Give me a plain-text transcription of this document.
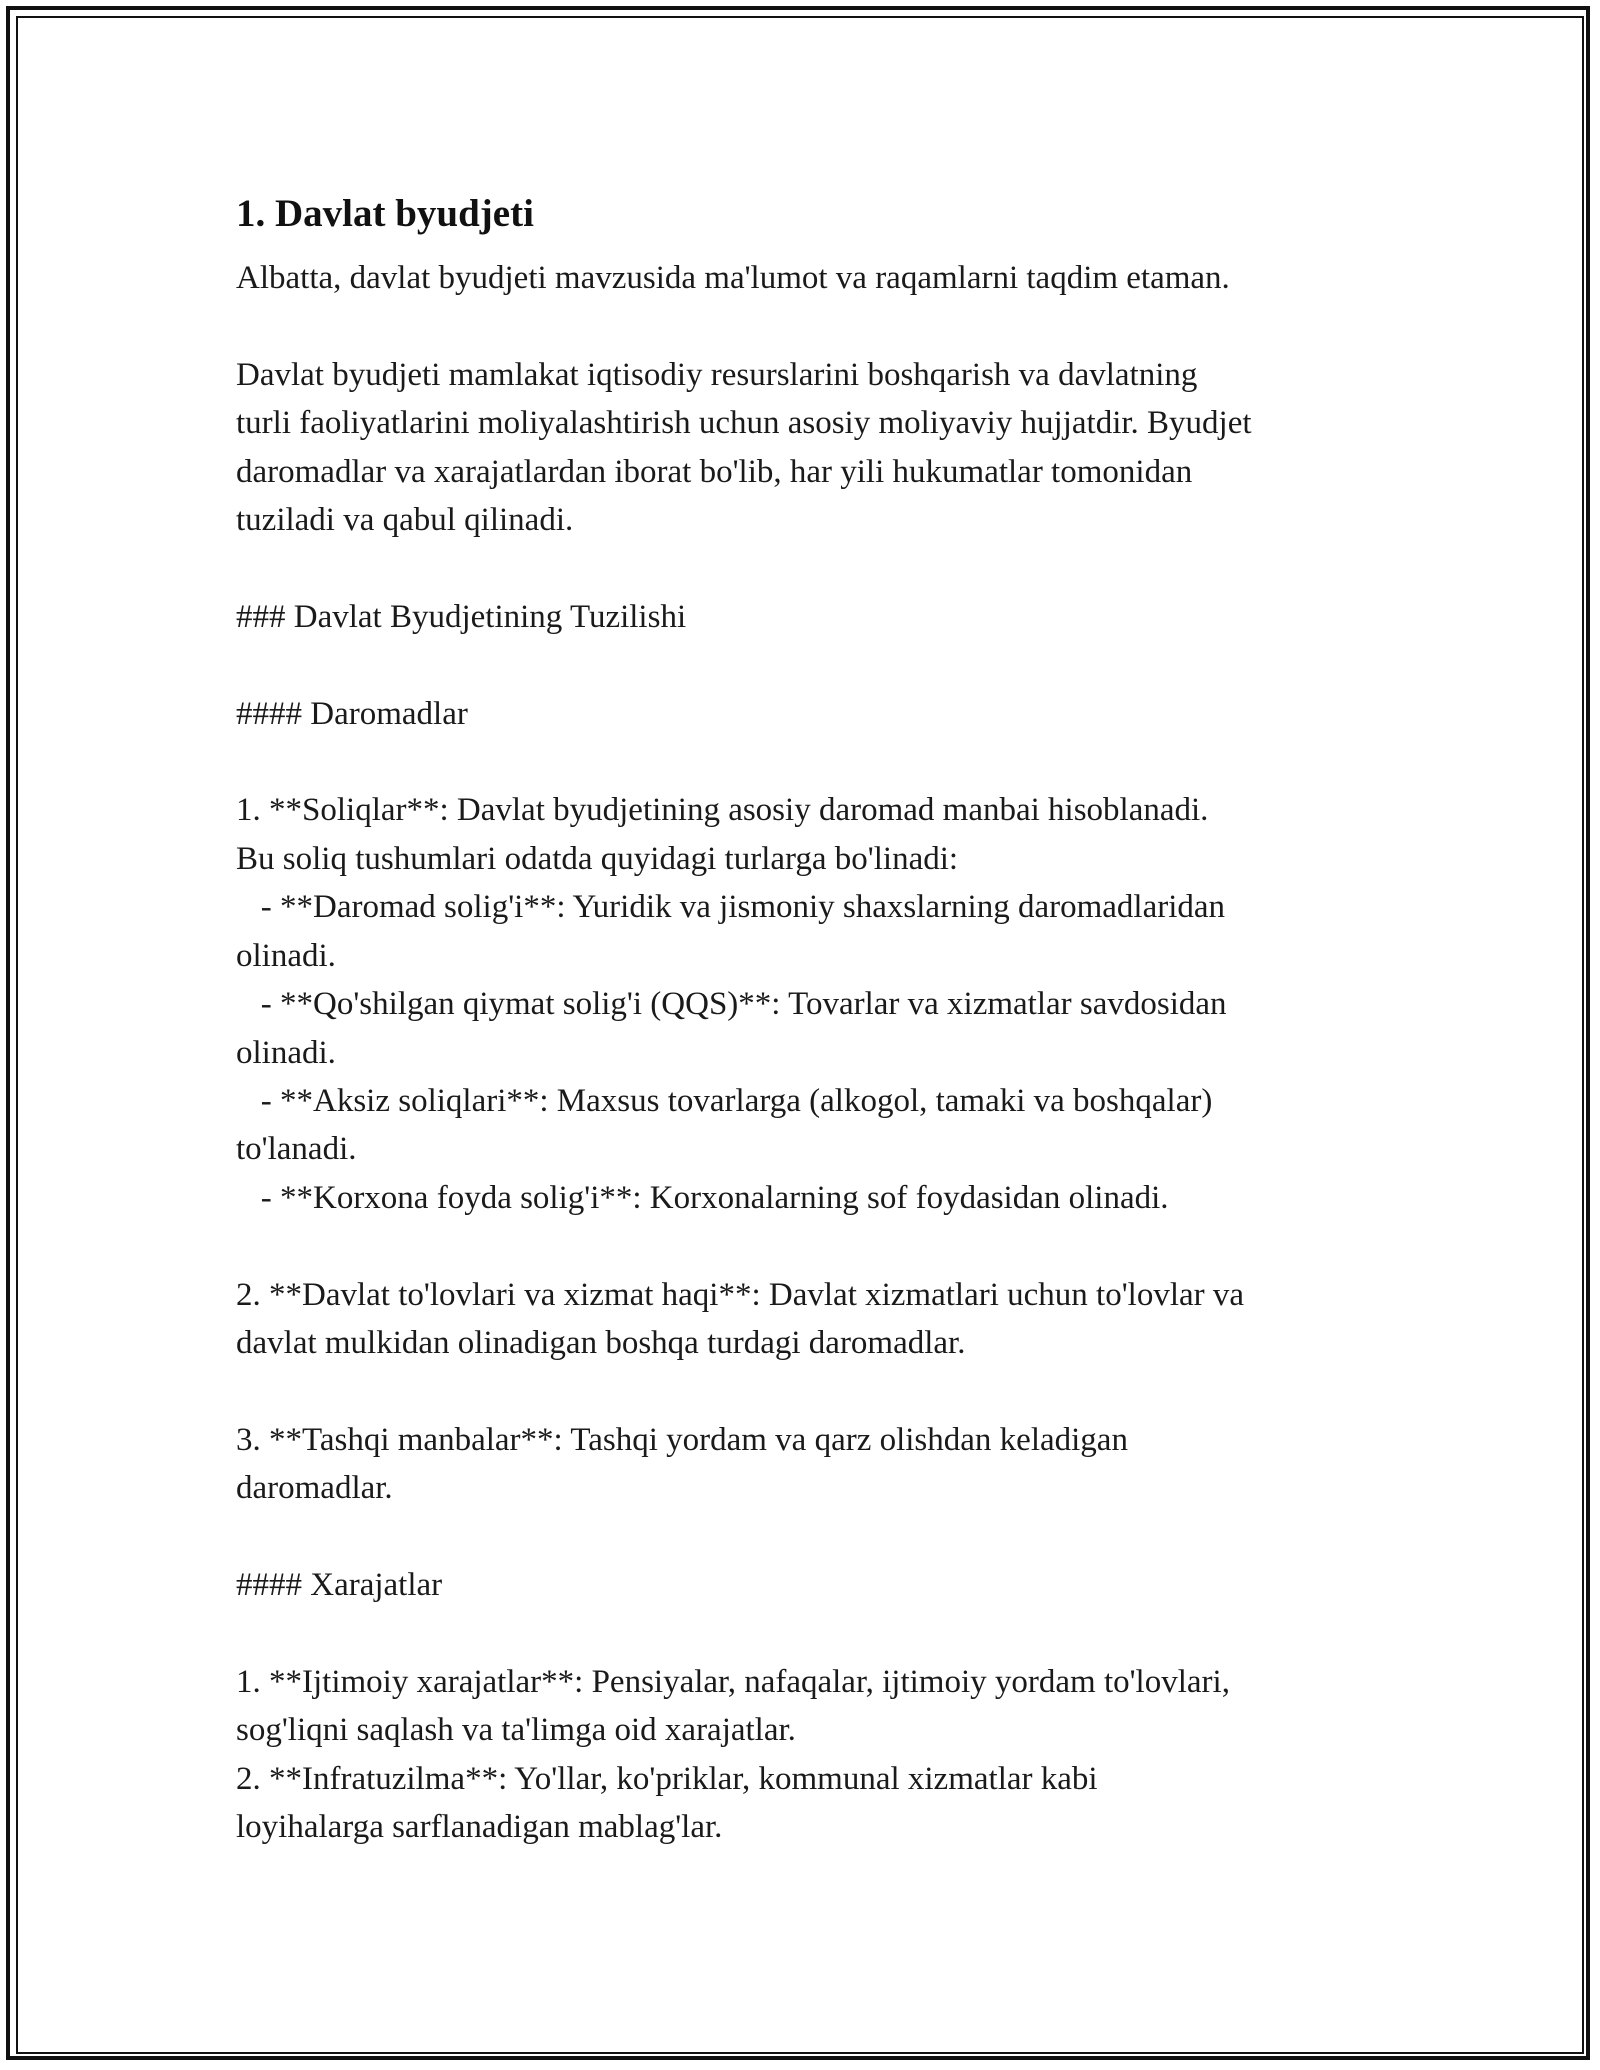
1. Davlat byudjeti

Albatta, davlat byudjeti mavzusida ma'lumot va raqamlarni taqdim etaman.

Davlat byudjeti mamlakat iqtisodiy resurslarini boshqarish va davlatning
turli faoliyatlarini moliyalashtirish uchun asosiy moliyaviy hujjatdir. Byudjet
daromadlar va xarajatlardan iborat bo'lib, har yili hukumatlar tomonidan
tuziladi va qabul qilinadi.

### Davlat Byudjetining Tuzilishi

#### Daromadlar

1. **Soliqlar**: Davlat byudjetining asosiy daromad manbai hisoblanadi.
Bu soliq tushumlari odatda quyidagi turlarga bo'linadi:
- **Daromad solig'i**: Yuridik va jismoniy shaxslarning daromadlaridan
olinadi.
- **Qo'shilgan qiymat solig'i (QQS)**: Tovarlar va xizmatlar savdosidan
olinadi.
- **Aksiz soliqlari**: Maxsus tovarlarga (alkogol, tamaki va boshqalar)
to'lanadi.
- **Korxona foyda solig'i**: Korxonalarning sof foydasidan olinadi.

2. **Davlat to'lovlari va xizmat haqi**: Davlat xizmatlari uchun to'lovlar va
davlat mulkidan olinadigan boshqa turdagi daromadlar.

3. **Tashqi manbalar**: Tashqi yordam va qarz olishdan keladigan
daromadlar.

#### Xarajatlar

1. **Ijtimoiy xarajatlar**: Pensiyalar, nafaqalar, ijtimoiy yordam to'lovlari,
sog'liqni saqlash va ta'limga oid xarajatlar.
2. **Infratuzilma**: Yo'llar, ko'priklar, kommunal xizmatlar kabi
loyihalarga sarflanadigan mablag'lar.
